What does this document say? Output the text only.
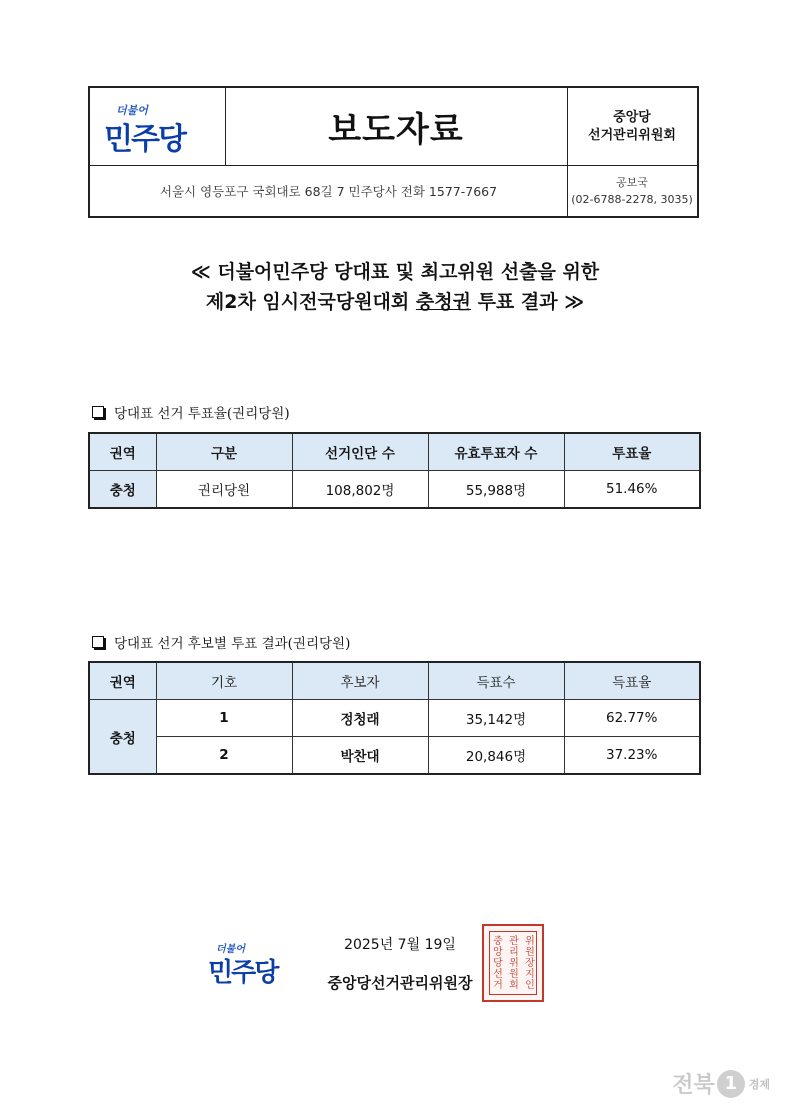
더불어
민주당	보도자료	중앙당
선거관리위원회
서울시 영등포구 국회대로 68길 7 민주당사 전화 1577-7667
공보국
(02-6788-2278, 3035)
≪ 더불어민주당 당대표 및 최고위원 선출을 위한
제2차 임시전국당원대회 충청권 투표 결과 ≫
당대표 선거 투표율(권리당원)
권역	구분	선거인단 수	유효투표자 수	투표율
충청	권리당원	108,802명	55,988명	51.46%
당대표 선거 후보별 투표 결과(권리당원)
권역	기호	후보자	득표수	득표율
충청	1	정청래	35,142명	62.77%
	2	박찬대	20,846명	37.23%
더불어
민주당
2025년 7월 19일
중앙당선거관리위원장
중
앙
당
선
거
관
리
위
원
회
위
원
장
지
인
전북 1	경제
